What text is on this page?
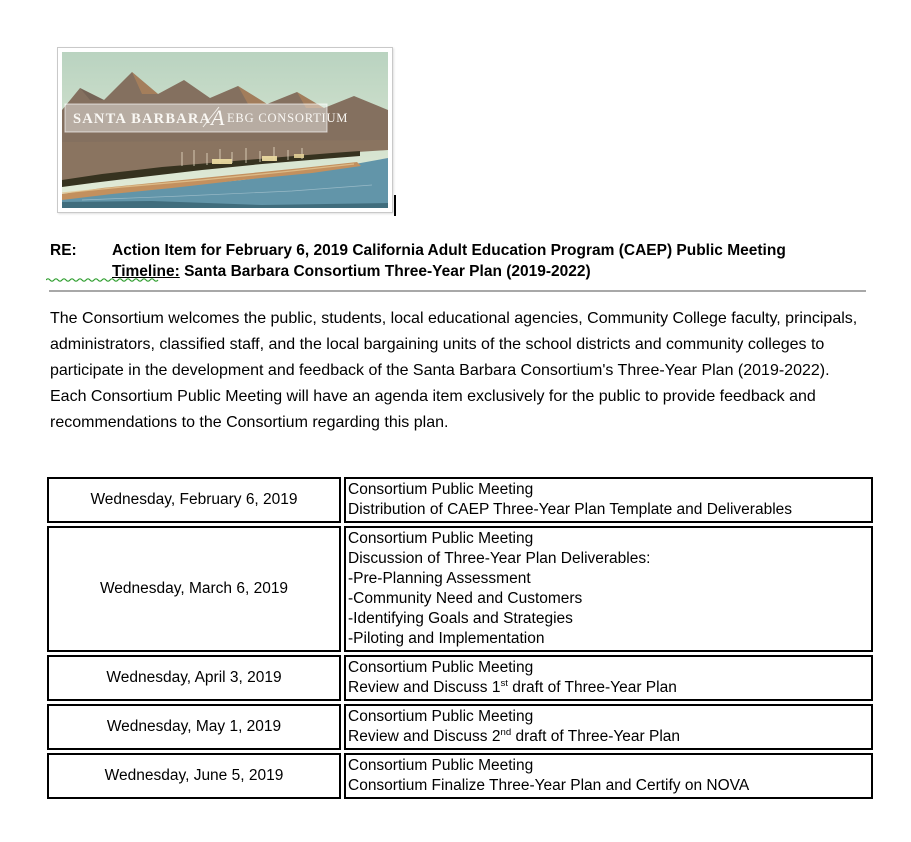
SANTA BARBARA A EBG CONSORTIUM
RE:	Action Item for February 6, 2019 California Adult Education Program (CAEP) Public Meeting
Timeline: Santa Barbara Consortium Three-Year Plan (2019-2022)

The Consortium welcomes the public, students, local educational agencies, Community College faculty, principals, administrators, classified staff, and the local bargaining units of the school districts and community colleges to participate in the development and feedback of the Santa Barbara Consortium's Three-Year Plan (2019-2022).  Each Consortium Public Meeting will have an agenda item exclusively for the public to provide feedback and recommendations to the Consortium regarding this plan.

Wednesday, February 6, 2019	Consortium Public Meeting
Distribution of CAEP Three-Year Plan Template and Deliverables

Wednesday, March 6, 2019	
Consortium Public Meeting
Discussion of Three-Year Plan Deliverables:
-Pre-Planning Assessment
-Community Need and Customers
-Identifying Goals and Strategies
-Piloting and Implementation

Wednesday, April 3, 2019	Consortium Public Meeting
Review and Discuss 1st draft of Three-Year Plan

Wednesday, May 1, 2019	Consortium Public Meeting
Review and Discuss 2nd draft of Three-Year Plan

Wednesday, June 5, 2019	Consortium Public Meeting
Consortium Finalize Three-Year Plan and Certify on NOVA
